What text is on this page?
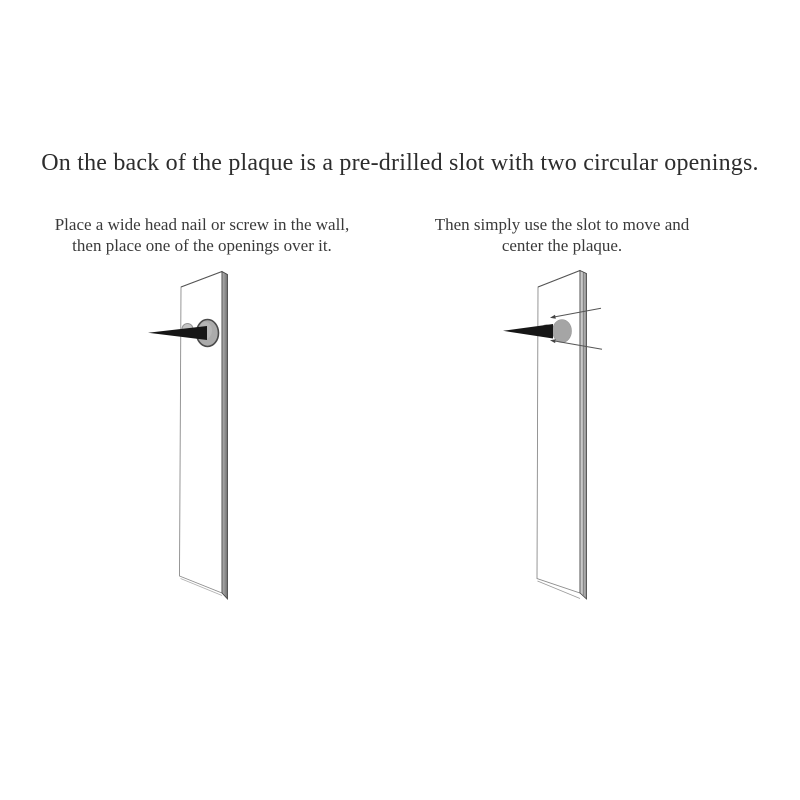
On the back of the plaque is a pre-drilled slot with two circular openings.
Place a wide head nail or screw in the wall,
then place one of the openings over it.
Then simply use the slot to move and
center the plaque.
